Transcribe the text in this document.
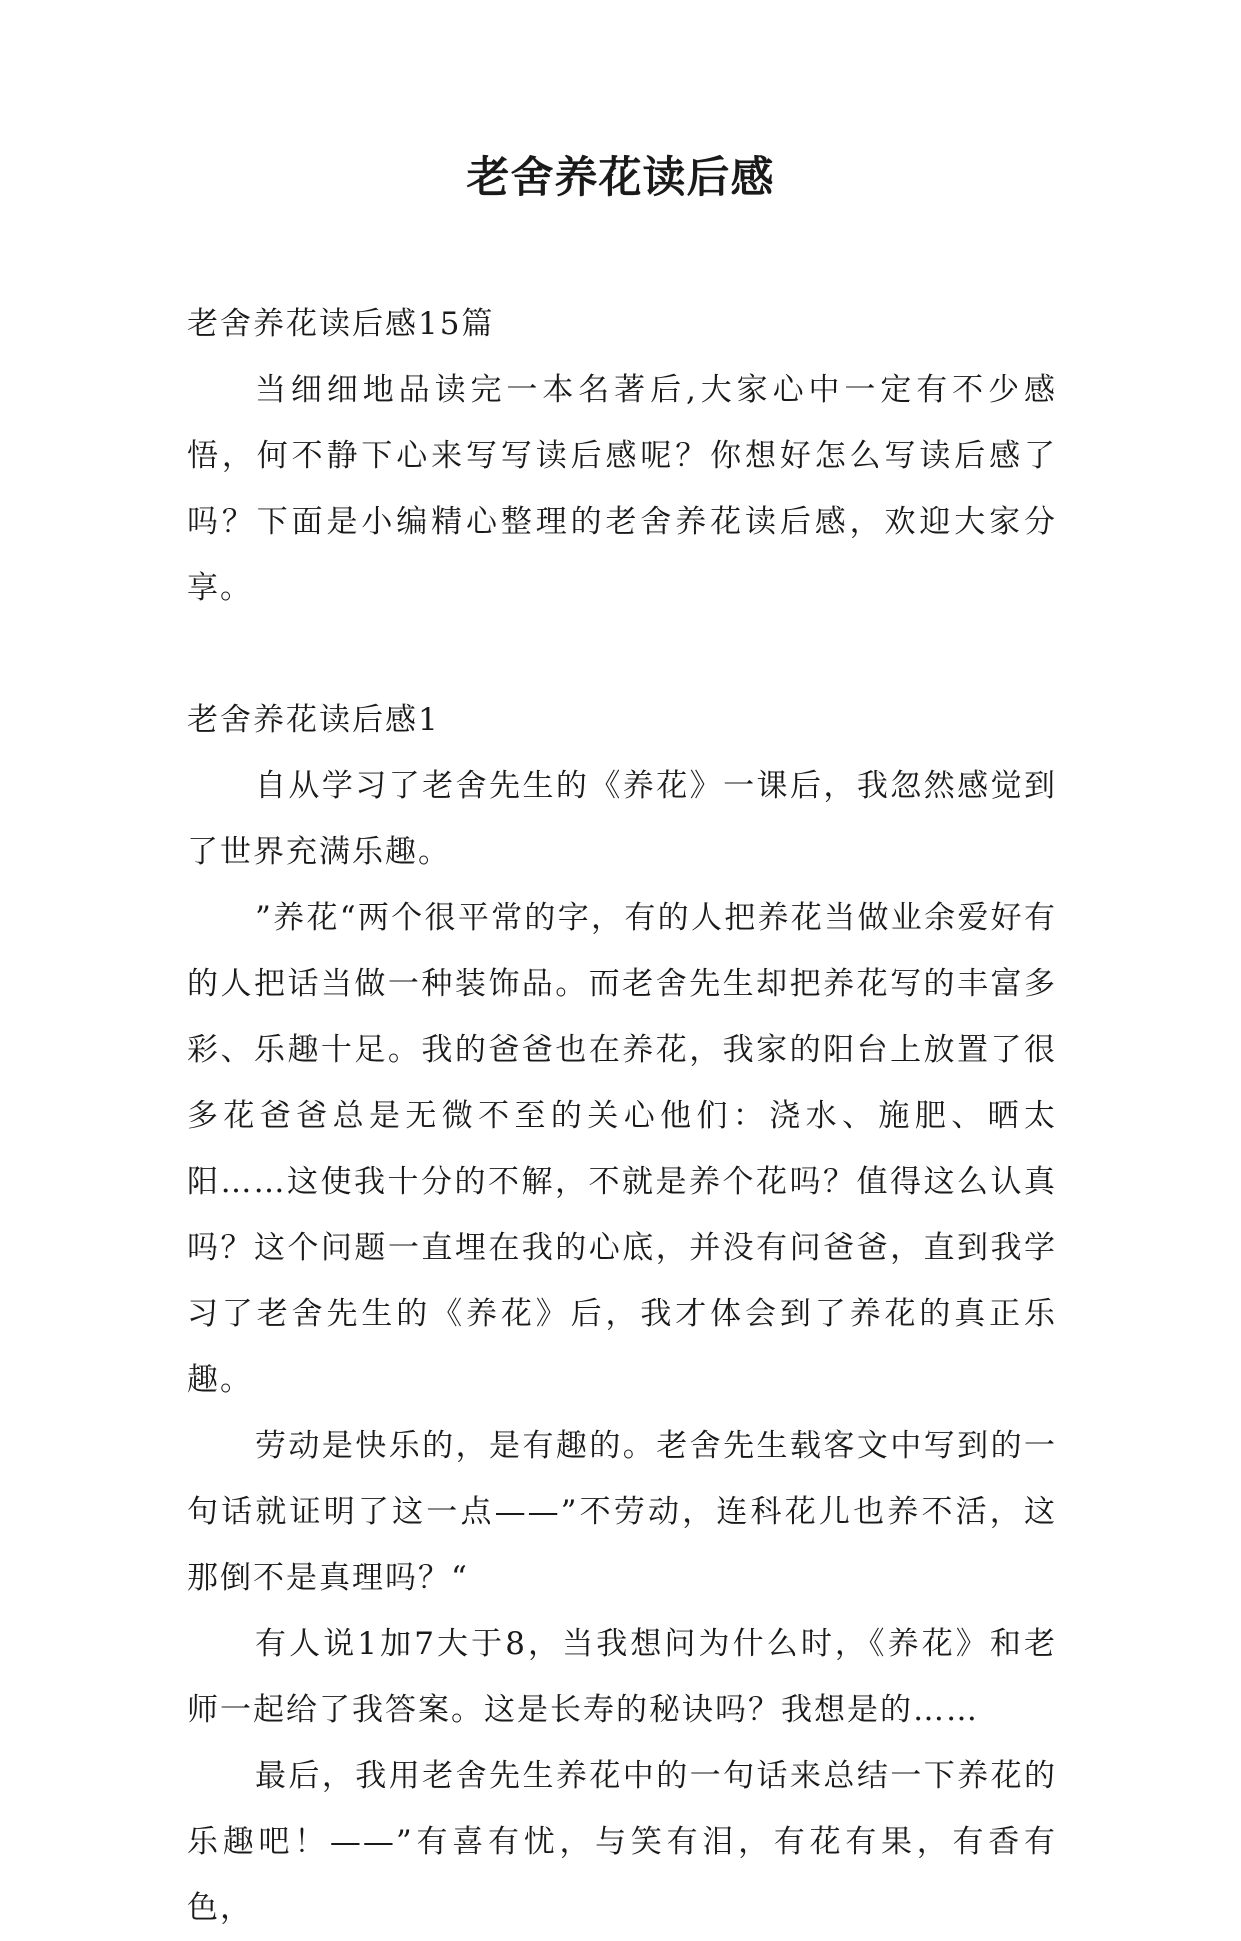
老舍养花读后感

老舍养花读后感15篇

当细细地品读完一本名著后,大家心中一定有不少感悟，何不静下心来写写读后感呢？你想好怎么写读后感了吗？下面是小编精心整理的老舍养花读后感，欢迎大家分享。

老舍养花读后感1

自从学习了老舍先生的《养花》一课后，我忽然感觉到了世界充满乐趣。

”养花“两个很平常的字，有的人把养花当做业余爱好有的人把话当做一种装饰品。而老舍先生却把养花写的丰富多彩、乐趣十足。我的爸爸也在养花，我家的阳台上放置了很多花爸爸总是无微不至的关心他们：浇水、施肥、晒太阳……这使我十分的不解，不就是养个花吗？值得这么认真吗？这个问题一直埋在我的心底，并没有问爸爸，直到我学习了老舍先生的《养花》后，我才体会到了养花的真正乐趣。

劳动是快乐的，是有趣的。老舍先生载客文中写到的一句话就证明了这一点——”不劳动，连科花儿也养不活，这那倒不是真理吗？“

有人说1加7大于8，当我想问为什么时，《养花》和老师一起给了我答案。这是长寿的秘诀吗？我想是的……

最后，我用老舍先生养花中的一句话来总结一下养花的乐趣吧！——”有喜有忧，与笑有泪，有花有果，有香有色，
